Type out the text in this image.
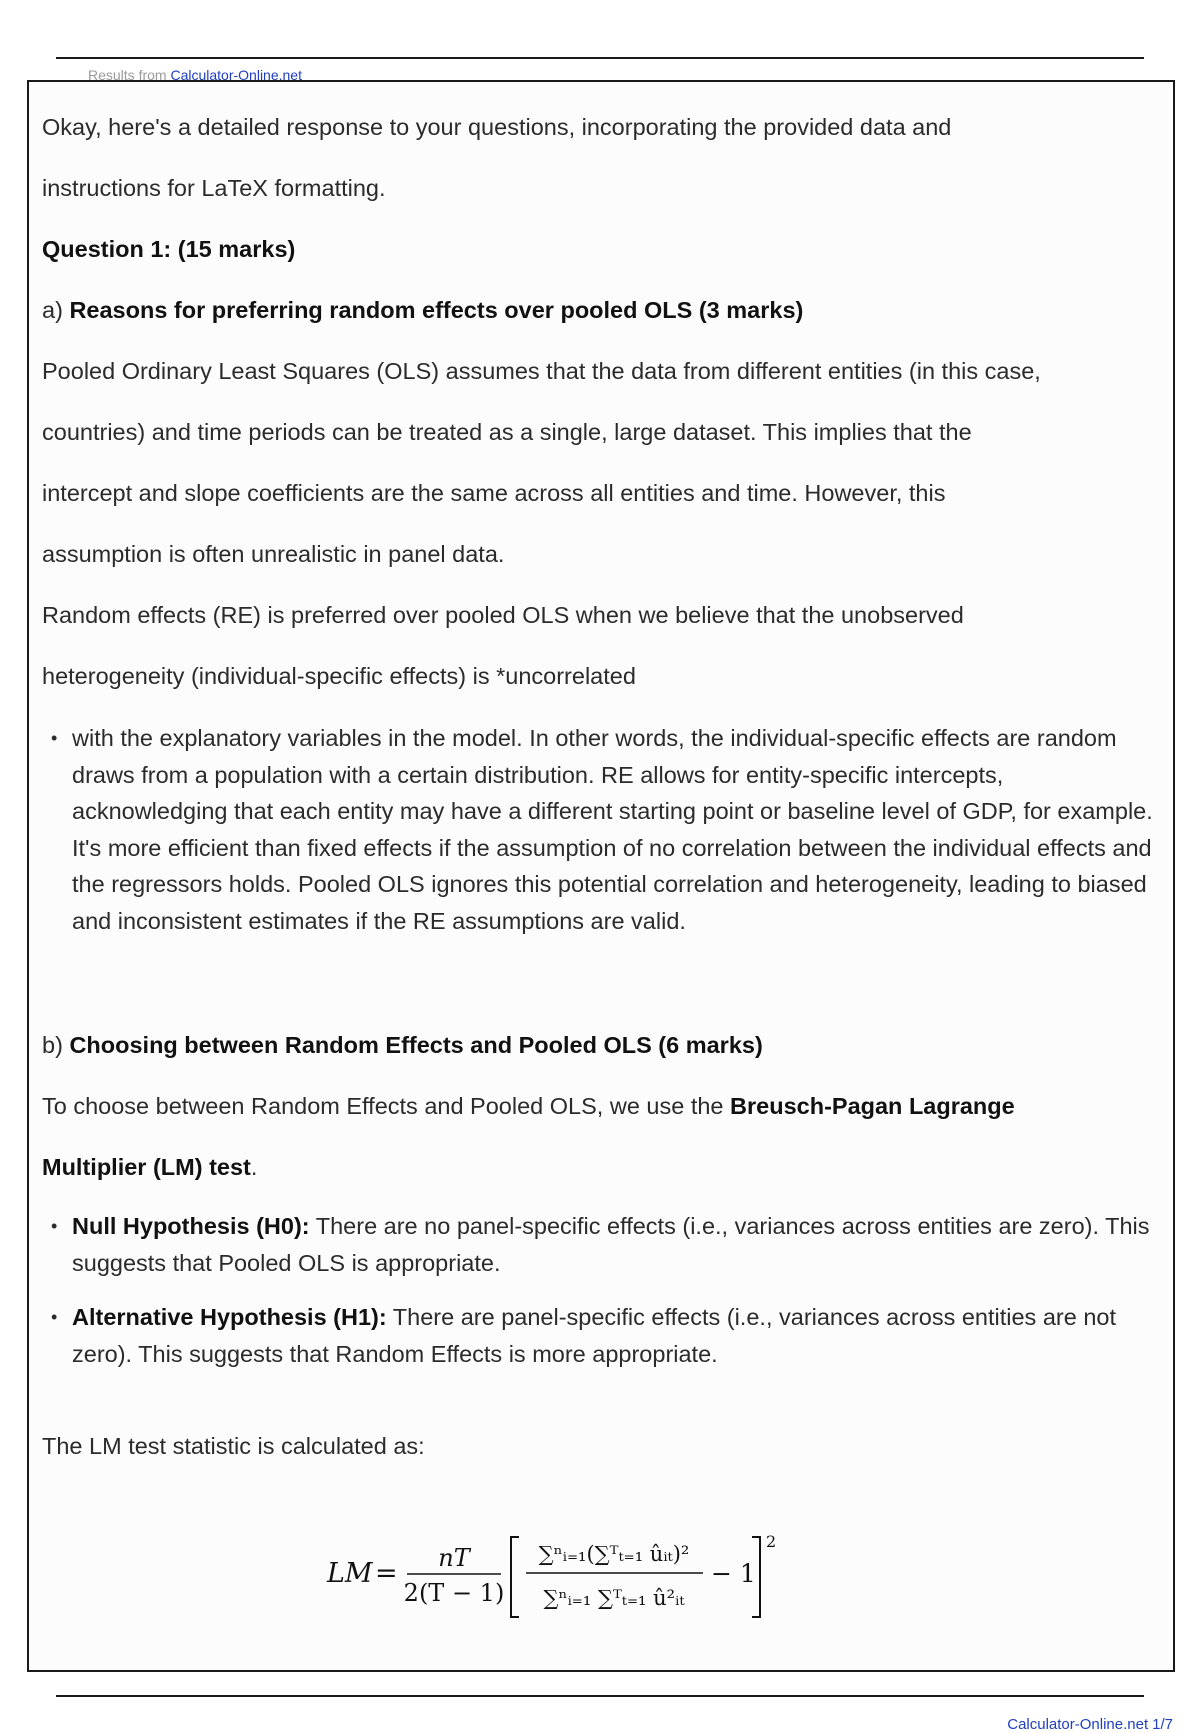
Results from Calculator-Online.net

Okay, here's a detailed response to your questions, incorporating the provided data and

instructions for LaTeX formatting.

Question 1: (15 marks)

a) Reasons for preferring random effects over pooled OLS (3 marks)

Pooled Ordinary Least Squares (OLS) assumes that the data from different entities (in this case,

countries) and time periods can be treated as a single, large dataset. This implies that the

intercept and slope coefficients are the same across all entities and time. However, this

assumption is often unrealistic in panel data.

Random effects (RE) is preferred over pooled OLS when we believe that the unobserved

heterogeneity (individual-specific effects) is *uncorrelated

• with the explanatory variables in the model. In other words, the individual-specific effects are random draws from a population with a certain distribution. RE allows for entity-specific intercepts, acknowledging that each entity may have a different starting point or baseline level of GDP, for example. It's more efficient than fixed effects if the assumption of no correlation between the individual effects and the regressors holds. Pooled OLS ignores this potential correlation and heterogeneity, leading to biased and inconsistent estimates if the RE assumptions are valid.

b) Choosing between Random Effects and Pooled OLS (6 marks)

To choose between Random Effects and Pooled OLS, we use the Breusch-Pagan Lagrange

Multiplier (LM) test.

• Null Hypothesis (H0): There are no panel-specific effects (i.e., variances across entities are zero). This suggests that Pooled OLS is appropriate.
• Alternative Hypothesis (H1): There are panel-specific effects (i.e., variances across entities are not zero). This suggests that Random Effects is more appropriate.

The LM test statistic is calculated as:

LM = nT
2(T − 1)
∑ⁿᵢ₌₁(∑ᵀₜ₌₁ ûᵢₜ)²
∑ⁿᵢ₌₁ ∑ᵀₜ₌₁ û²ᵢₜ
− 1
2
Calculator-Online.net 1/7
